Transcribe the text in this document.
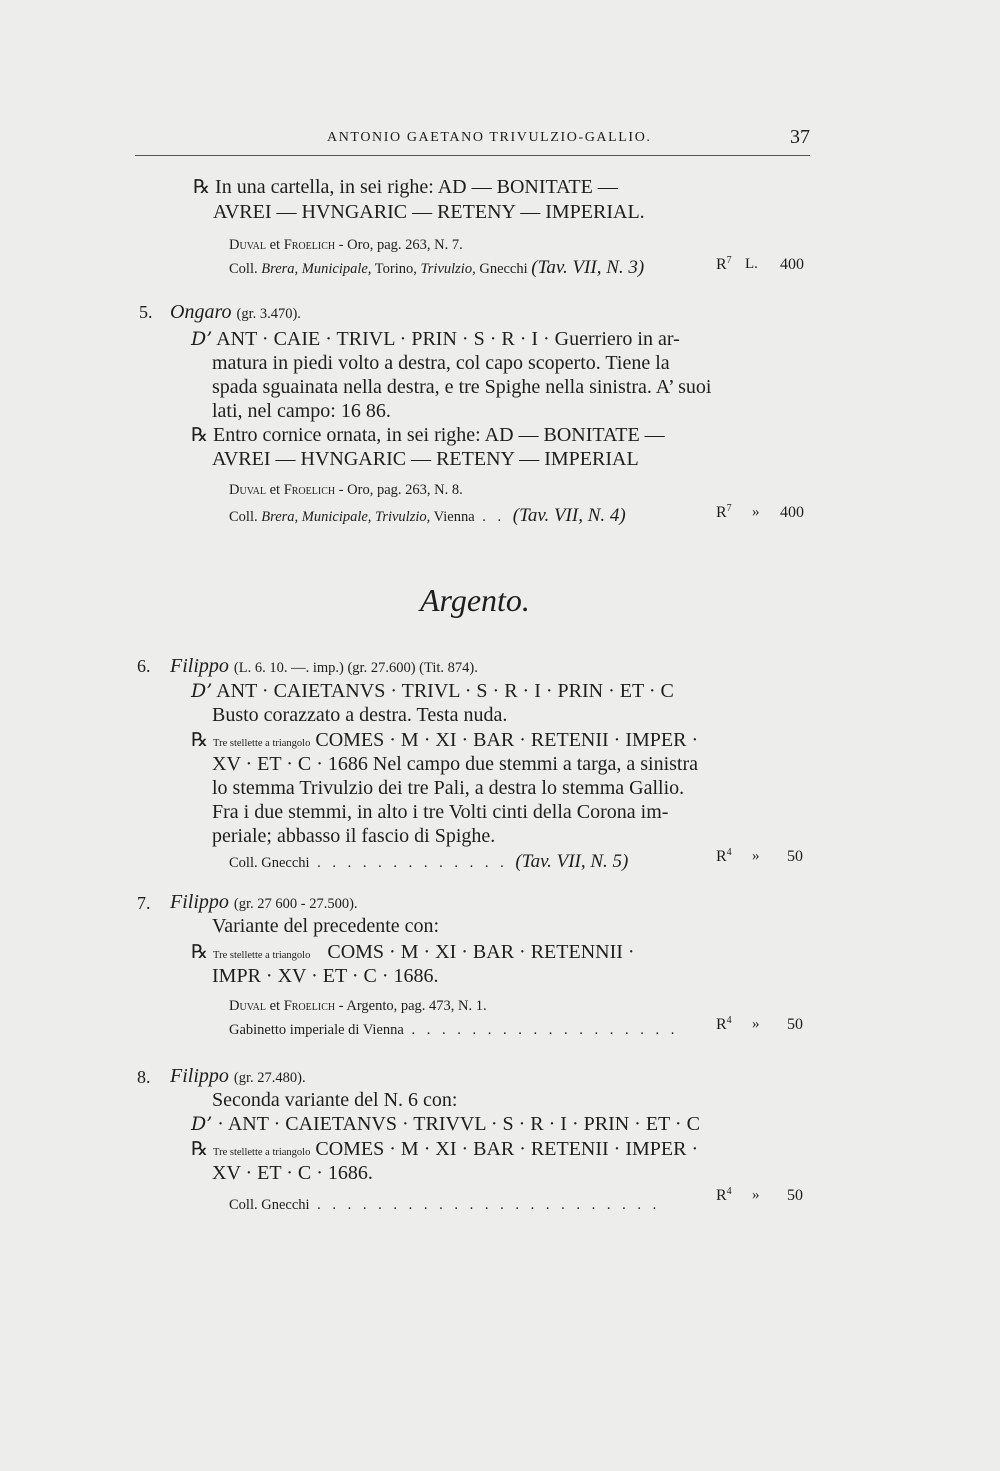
ANTONIO GAETANO TRIVULZIO-GALLIO.	37
℞ In una cartella, in sei righe: AD — BONITATE —
AVREI — HVNGARIC — RETENY — IMPERIAL.
Duval et Froelich - Oro, pag. 263, N. 7.
Coll. Brera, Municipale, Torino, Trivulzio, Gnecchi (Tav. VII, N. 3)	$R^7$ L. 400
5. Ongaro (gr. 3.470).
D’ ANT · CAIE · TRIVL · PRIN · S · R · I · Guerriero in ar-
matura in piedi volto a destra, col capo scoperto. Tiene la
spada sguainata nella destra, e tre Spighe nella sinistra. A’ suoi
lati, nel campo: 16 86.
℞ Entro cornice ornata, in sei righe: AD — BONITATE —
AVREI — HVNGARIC — RETENY — IMPERIAL
Duval et Froelich - Oro, pag. 263, N. 8.
Coll. Brera, Municipale, Trivulzio, Vienna . . (Tav. VII, N. 4)	$R^7$ » 400
Argento.
6. Filippo (L. 6. 10. —. imp.) (gr. 27.600) (Tit. 874).
D’ ANT · CAIETANVS · TRIVL · S · R · I · PRIN · ET · C
Busto corazzato a destra. Testa nuda.
℞ Tre stellette a triangolo COMES · M · XI · BAR · RETENII · IMPER ·
XV · ET · C · 1686 Nel campo due stemmi a targa, a sinistra
lo stemma Trivulzio dei tre Pali, a destra lo stemma Gallio.
Fra i due stemmi, in alto i tre Volti cinti della Corona im-
periale; abbasso il fascio di Spighe.
Coll. Gnecchi . . . . . . . . . . . . . (Tav. VII, N. 5)	$R^4$ » 50
7. Filippo (gr. 27 600 - 27.500).
Variante del precedente con:
℞ Tre stellette a triangolo COMS · M · XI · BAR · RETENNII ·
IMPR · XV · ET · C · 1686.
Duval et Froelich - Argento, pag. 473, N. 1.
Gabinetto imperiale di Vienna . . . . . . . . . . . . . . . . . . $R^4$ » 50
8. Filippo (gr. 27.480).
Seconda variante del N. 6 con:
D’ · ANT · CAIETANVS · TRIVVL · S · R · I · PRIN · ET · C
℞ Tre stellette a triangolo COMES · M · XI · BAR · RETENII · IMPER ·
XV · ET · C · 1686.
Coll. Gnecchi . . . . . . . . . . . . . . . . . . . . . . .
$R^4$ » 50
